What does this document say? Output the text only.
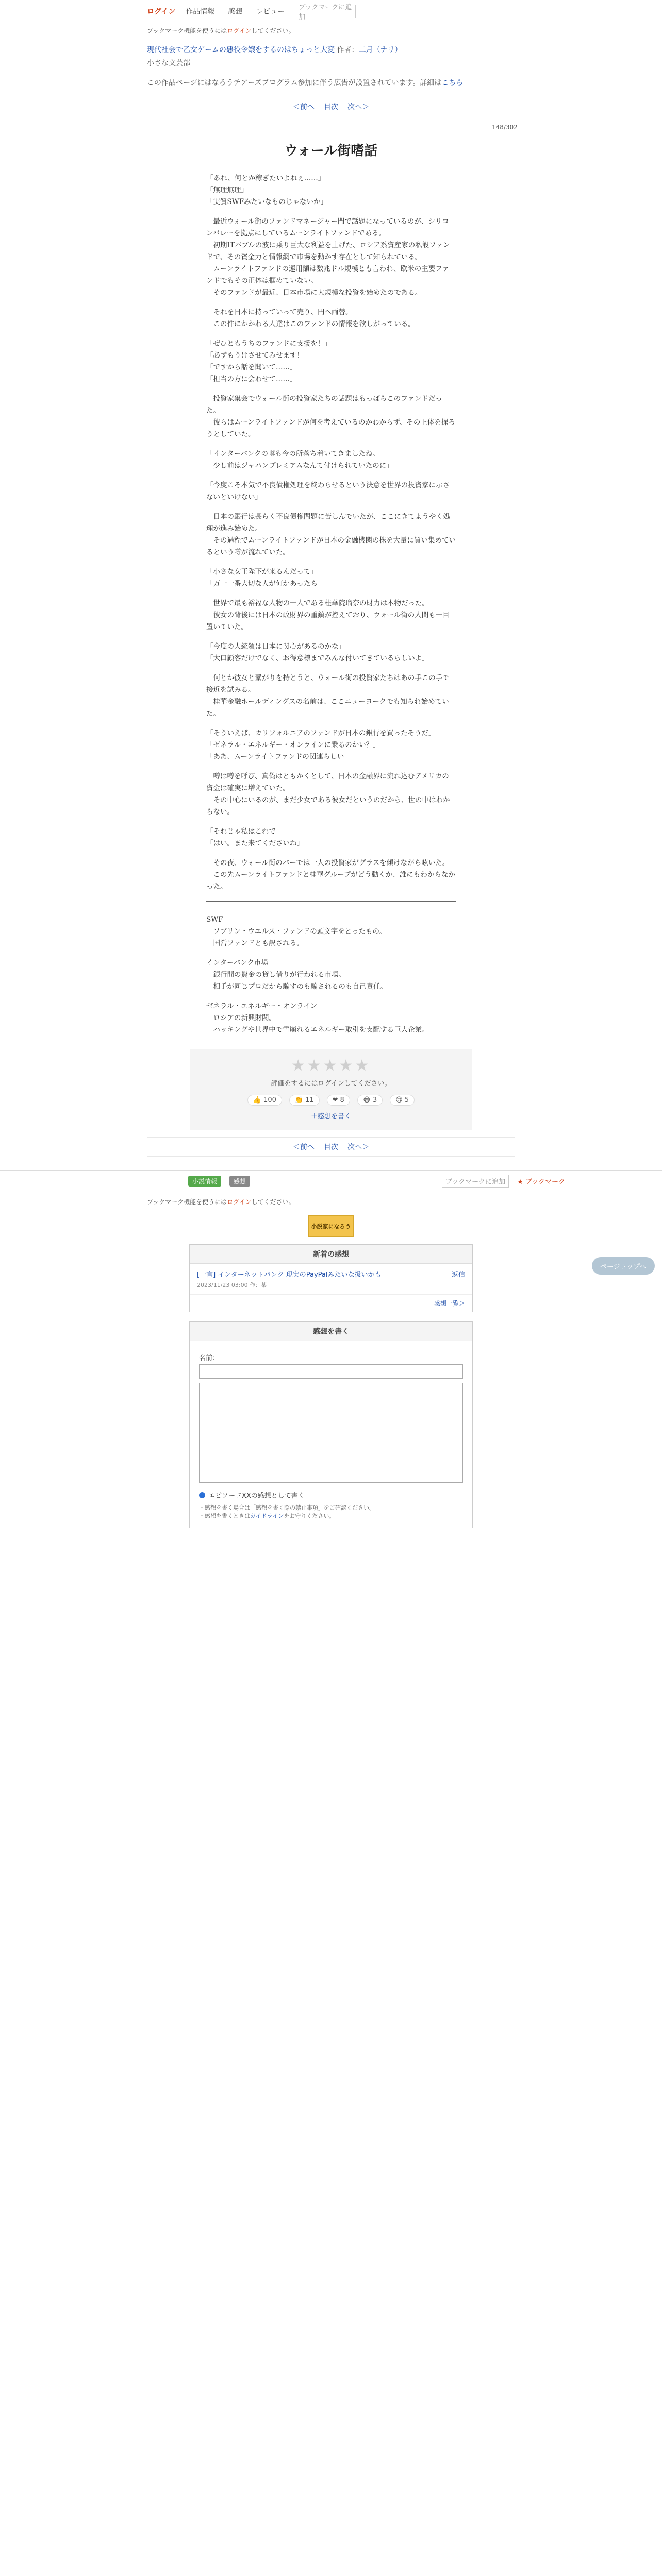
ログイン	作品情報	感想	レビュー
ブックマークに追加
ブックマーク機能を使うにはログインしてください。
現代社会で乙女ゲームの悪役令嬢をするのはちょっと大変 作者：二月（ナリ）
小さな文芸部
この作品ページにはなろうチアーズプログラム参加に伴う広告が設置されています。詳細はこちら
＜前へ 目次 次へ＞
148/302
ウォール街嗜話

「あれ、何とか稼ぎたいよねぇ……」
「無理無理」
「実質SWFみたいなものじゃないか」

　最近ウォール街のファンドマネージャー間で話題になっているのが、シリコンバレーを拠点にしているムーンライトファンドである。
　初期ITバブルの波に乗り巨大な利益を上げた、ロシア系資産家の私設ファンドで、その資金力と情報網で市場を動かす存在として知られている。
　ムーンライトファンドの運用額は数兆ドル規模とも言われ、欧米の主要ファンドでもその正体は掴めていない。
　そのファンドが最近、日本市場に大規模な投資を始めたのである。

　それを日本に持っていって売り、円へ両替。
　この件にかかわる人達はこのファンドの情報を欲しがっている。

「ぜひともうちのファンドに支援を！」
「必ずもうけさせてみせます！」
「ですから話を聞いて……」
「担当の方に会わせて……」

　投資家集会でウォール街の投資家たちの話題はもっぱらこのファンドだった。
　彼らはムーンライトファンドが何を考えているのかわからず、その正体を探ろうとしていた。

「インターバンクの噂も今の所落ち着いてきましたね。
　少し前はジャパンプレミアムなんて付けられていたのに」

「今度こそ本気で不良債権処理を終わらせるという決意を世界の投資家に示さないといけない」

　日本の銀行は長らく不良債権問題に苦しんでいたが、ここにきてようやく処理が進み始めた。
　その過程でムーンライトファンドが日本の金融機関の株を大量に買い集めているという噂が流れていた。

「小さな女王陛下が来るんだって」
「万一一番大切な人が何かあったら」

　世界で最も裕福な人物の一人である桂華院瑠奈の財力は本物だった。
　彼女の背後には日本の政財界の重鎮が控えており、ウォール街の人間も一目置いていた。

「今度の大統領は日本に関心があるのかな」
「大口顧客だけでなく、お得意様までみんな付いてきているらしいよ」

　何とか彼女と繋がりを持とうと、ウォール街の投資家たちはあの手この手で接近を試みる。
　桂華金融ホールディングスの名前は、ここニューヨークでも知られ始めていた。

「そういえば、カリフォルニアのファンドが日本の銀行を買ったそうだ」
「ゼネラル・エネルギー・オンラインに乗るのかい？」
「ああ、ムーンライトファンドの関連らしい」

　噂は噂を呼び、真偽はともかくとして、日本の金融界に流れ込むアメリカの資金は確実に増えていた。
　その中心にいるのが、まだ少女である彼女だというのだから、世の中はわからない。

「それじゃ私はこれで」
「はい。また来てくださいね」

　その夜、ウォール街のバーでは一人の投資家がグラスを傾けながら呟いた。
　この先ムーンライトファンドと桂華グループがどう動くか、誰にもわからなかった。

SWF
　ソブリン・ウエルス・ファンドの頭文字をとったもの。
　国営ファンドとも訳される。

インターバンク市場
　銀行間の資金の貸し借りが行われる市場。
　相手が同じプロだから騙すのも騙されるのも自己責任。

ゼネラル・エネルギー・オンライン
　ロシアの新興財閥。
　ハッキングや世界中で雪崩れるエネルギー取引を支配する巨大企業。

ページトップへ
★★★★★
評価をするにはログインしてください。
👍 100	👏 11	❤ 8	😂 3	😢 5
＋感想を書く
＜前へ 目次 次へ＞
小説情報	感想	ブックマークに追加	★ ブックマーク
ブックマーク機能を使うにはログインしてください。
小説家になろう
新着の感想
[一言] インターネットバンク 現実のPayPalみたいな扱いかも
2023/11/23 03:00 作：某
返信
感想一覧＞
感想を書く
名前：
エピソードXXの感想として書く
・感想を書く場合は「感想を書く際の禁止事項」をご確認ください。
・感想を書くときはガイドラインをお守りください。
